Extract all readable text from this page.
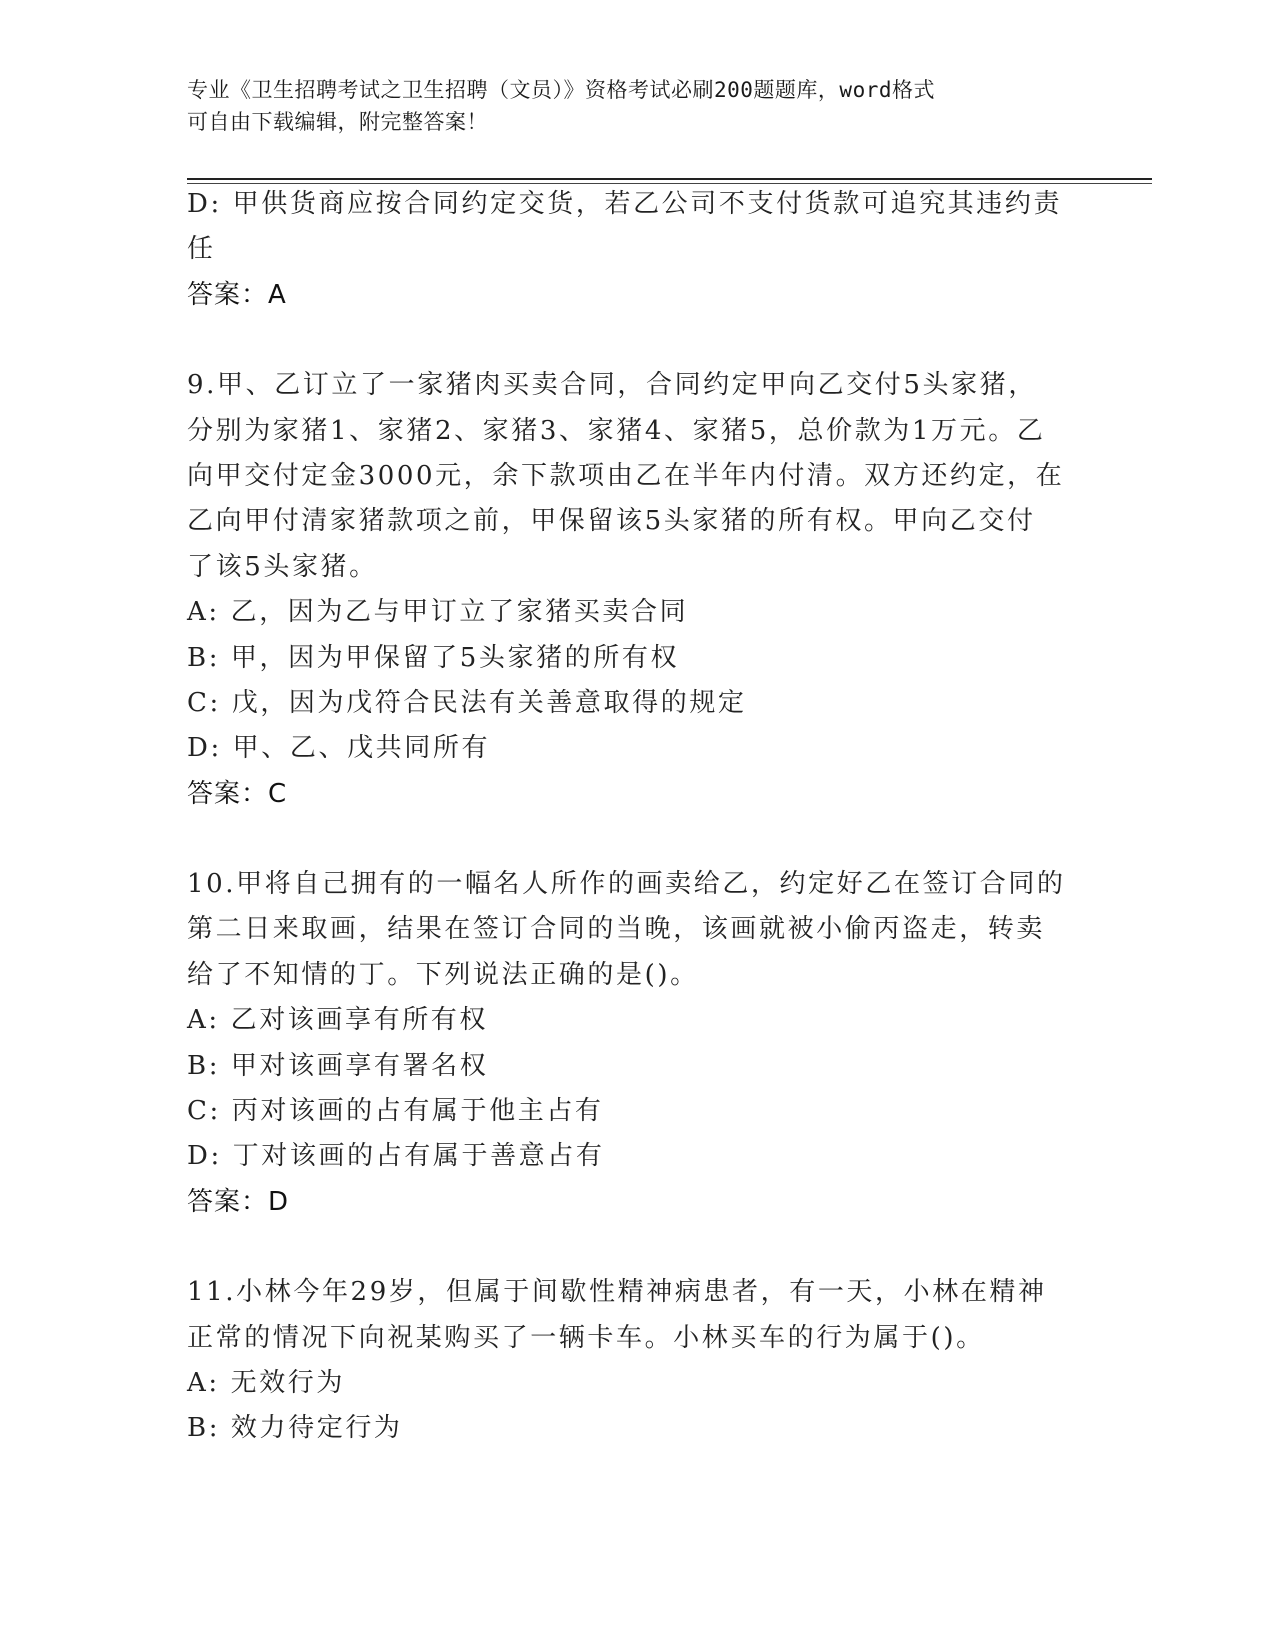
专业《卫生招聘考试之卫生招聘（文员）》资格考试必刷200题题库，word格式
可自由下载编辑，附完整答案！
D: 甲供货商应按合同约定交货，若乙公司不支付货款可追究其违约责
任
答案：A
9.甲、乙订立了一家猪肉买卖合同，合同约定甲向乙交付5头家猪，
分别为家猪1、家猪2、家猪3、家猪4、家猪5，总价款为1万元。乙
向甲交付定金3000元，余下款项由乙在半年内付清。双方还约定，在
乙向甲付清家猪款项之前，甲保留该5头家猪的所有权。甲向乙交付
了该5头家猪。
A: 乙，因为乙与甲订立了家猪买卖合同
B: 甲，因为甲保留了5头家猪的所有权
C: 戊，因为戊符合民法有关善意取得的规定
D: 甲、乙、戊共同所有
答案：C
10.甲将自己拥有的一幅名人所作的画卖给乙，约定好乙在签订合同的
第二日来取画，结果在签订合同的当晚，该画就被小偷丙盗走，转卖
给了不知情的丁。下列说法正确的是()。
A: 乙对该画享有所有权
B: 甲对该画享有署名权
C: 丙对该画的占有属于他主占有
D: 丁对该画的占有属于善意占有
答案：D
11.小林今年29岁，但属于间歇性精神病患者，有一天，小林在精神
正常的情况下向祝某购买了一辆卡车。小林买车的行为属于()。
A: 无效行为
B: 效力待定行为
